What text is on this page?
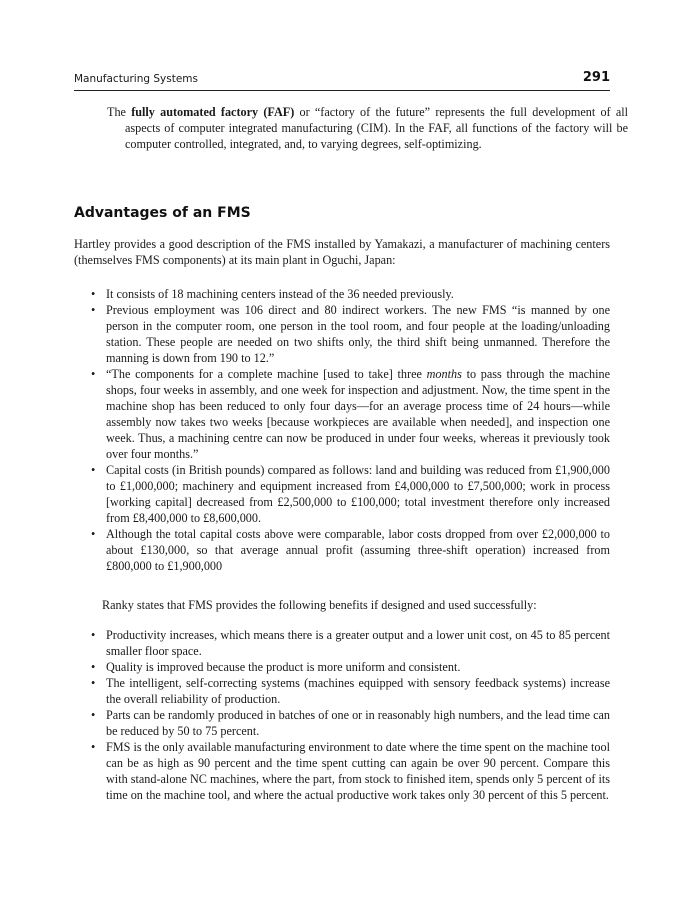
Manufacturing Systems	291

The fully automated factory (FAF) or “factory of the future” represents the full development of all aspects of computer integrated manufacturing (CIM). In the FAF, all functions of the factory will be computer controlled, integrated, and, to varying degrees, self-optimizing.

Advantages of an FMS

Hartley provides a good description of the FMS installed by Yamakazi, a manufacturer of machining centers (themselves FMS components) at its main plant in Oguchi, Japan:

• It consists of 18 machining centers instead of the 36 needed previously.
• Previous employment was 106 direct and 80 indirect workers. The new FMS “is manned by one person in the computer room, one person in the tool room, and four people at the loading/unloading station. These people are needed on two shifts only, the third shift being unmanned. Therefore the manning is down from 190 to 12.”
• “The components for a complete machine [used to take] three months to pass through the machine shops, four weeks in assembly, and one week for inspection and adjustment. Now, the time spent in the machine shop has been reduced to only four days—for an average process time of 24 hours—while assembly now takes two weeks [because workpieces are available when needed], and inspection one week. Thus, a machining centre can now be produced in under four weeks, whereas it previously took over four months.”
• Capital costs (in British pounds) compared as follows: land and building was reduced from £1,900,000 to £1,000,000; machinery and equipment increased from £4,000,000 to £7,500,000; work in process [working capital] decreased from £2,500,000 to £100,000; total investment therefore only increased from £8,400,000 to £8,600,000.
• Although the total capital costs above were comparable, labor costs dropped from over £2,000,000 to about £130,000, so that average annual profit (assuming three-shift operation) increased from £800,000 to £1,900,000

Ranky states that FMS provides the following benefits if designed and used successfully:

• Productivity increases, which means there is a greater output and a lower unit cost, on 45 to 85 percent smaller floor space.
• Quality is improved because the product is more uniform and consistent.
• The intelligent, self-correcting systems (machines equipped with sensory feedback systems) increase the overall reliability of production.
• Parts can be randomly produced in batches of one or in reasonably high numbers, and the lead time can be reduced by 50 to 75 percent.
• FMS is the only available manufacturing environment to date where the time spent on the machine tool can be as high as 90 percent and the time spent cutting can again be over 90 percent. Compare this with stand-alone NC machines, where the part, from stock to finished item, spends only 5 percent of its time on the machine tool, and where the actual productive work takes only 30 percent of this 5 percent.
